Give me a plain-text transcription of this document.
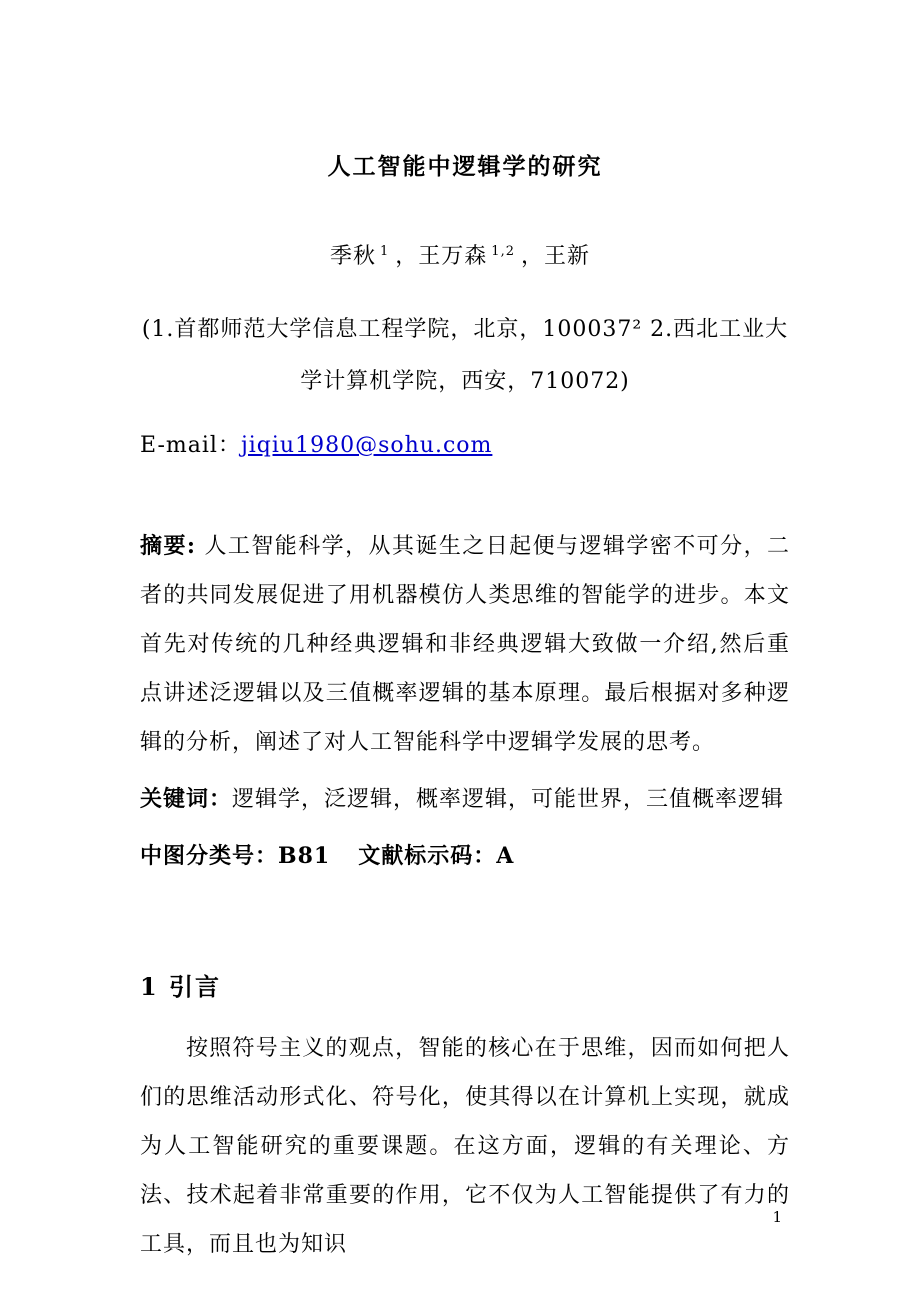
人工智能中逻辑学的研究
季秋 $^1$ ，王万森 $^{1,2}$ ，王新
(1.首都师范大学信息工程学院，北京，100037² 2.西北工业大学计算机学院，西安，710072)

E-mail：jiqiu1980@sohu.com

摘要: 人工智能科学，从其诞生之日起便与逻辑学密不可分，二者的共同发展促进了用机器模仿人类思维的智能学的进步。本文首先对传统的几种经典逻辑和非经典逻辑大致做一介绍,然后重点讲述泛逻辑以及三值概率逻辑的基本原理。最后根据对多种逻辑的分析，阐述了对人工智能科学中逻辑学发展的思考。

关键词：逻辑学，泛逻辑，概率逻辑，可能世界，三值概率逻辑

中图分类号：B81 文献标示码：A

1 引言

按照符号主义的观点，智能的核心在于思维，因而如何把人们的思维活动形式化、符号化，使其得以在计算机上实现，就成为人工智能研究的重要课题。在这方面，逻辑的有关理论、方法、技术起着非常重要的作用，它不仅为人工智能提供了有力的工具，而且也为知识

1
